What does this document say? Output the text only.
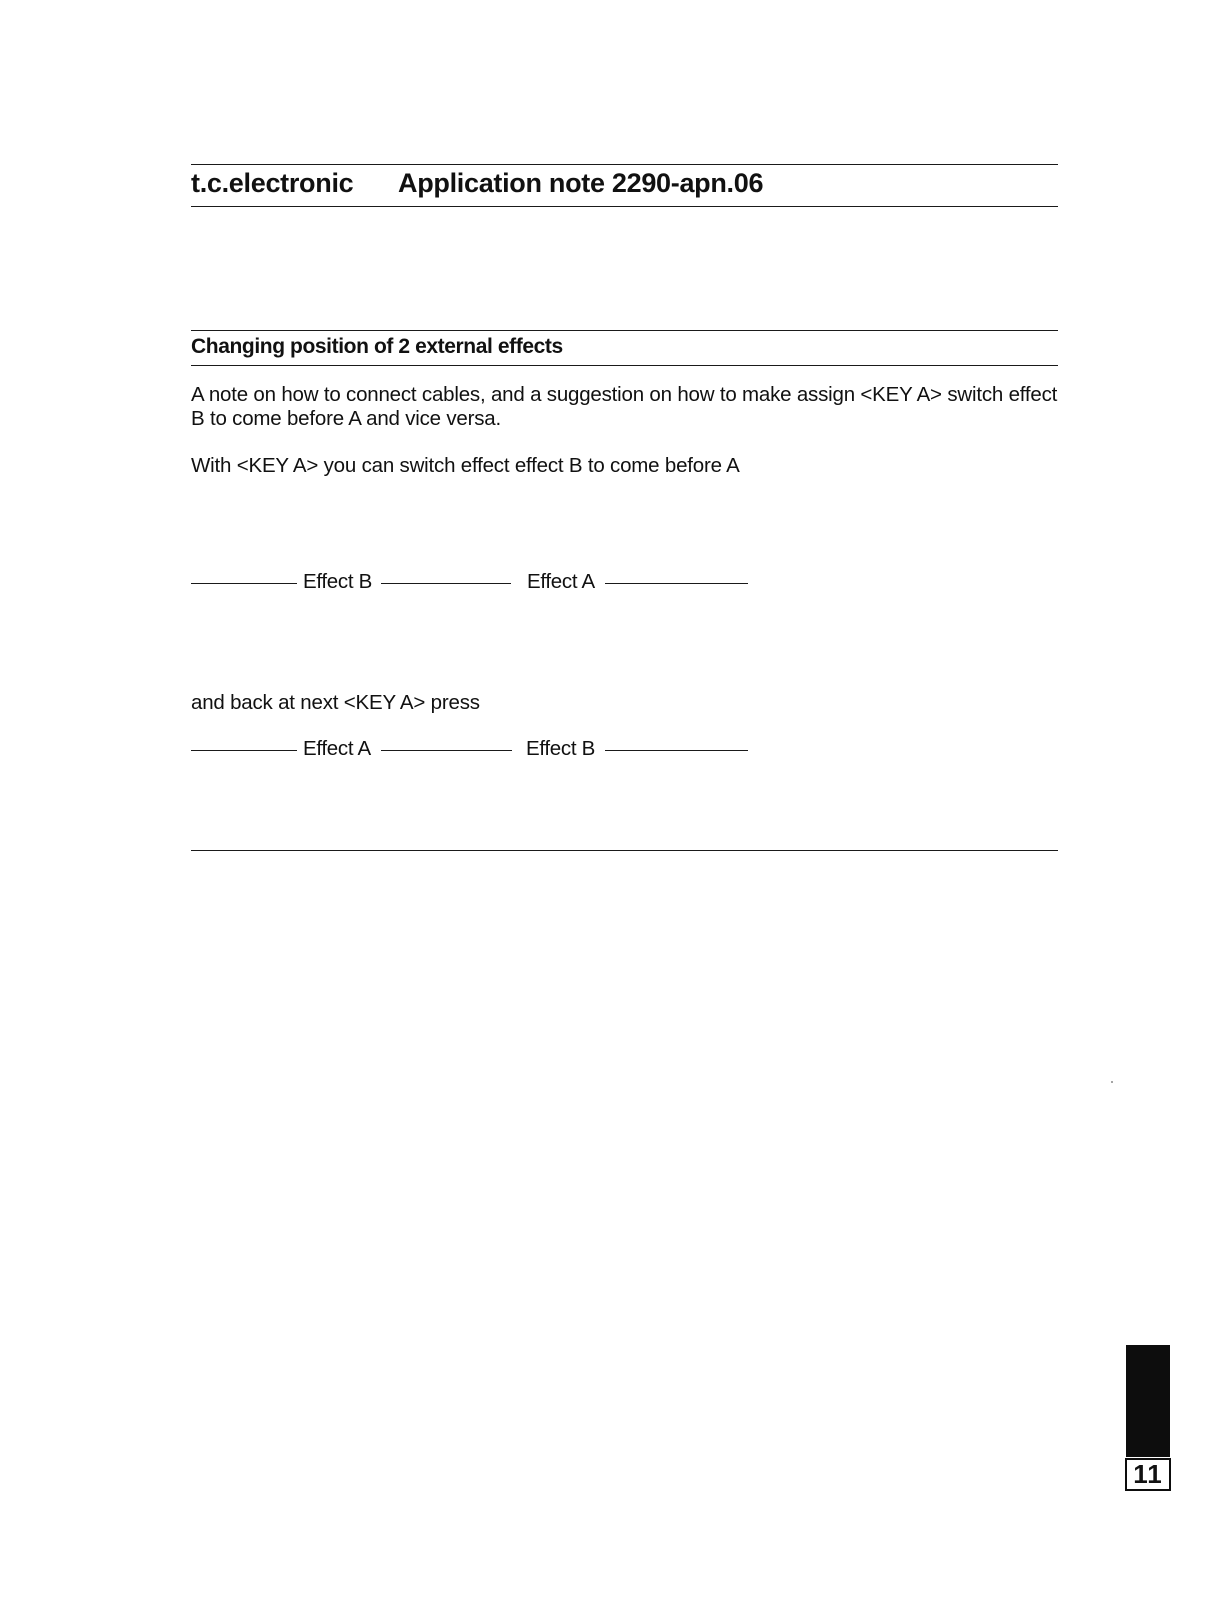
t.c.electronic Application note 2290-apn.06
Changing position of 2 external effects
A note on how to connect cables, and a suggestion on how to make assign <KEY A> switch effect B to come before A and vice versa.
With <KEY A> you can switch effect effect B to come before A
Effect B	Effect A
and back at next <KEY A> press
Effect A	Effect B
11
